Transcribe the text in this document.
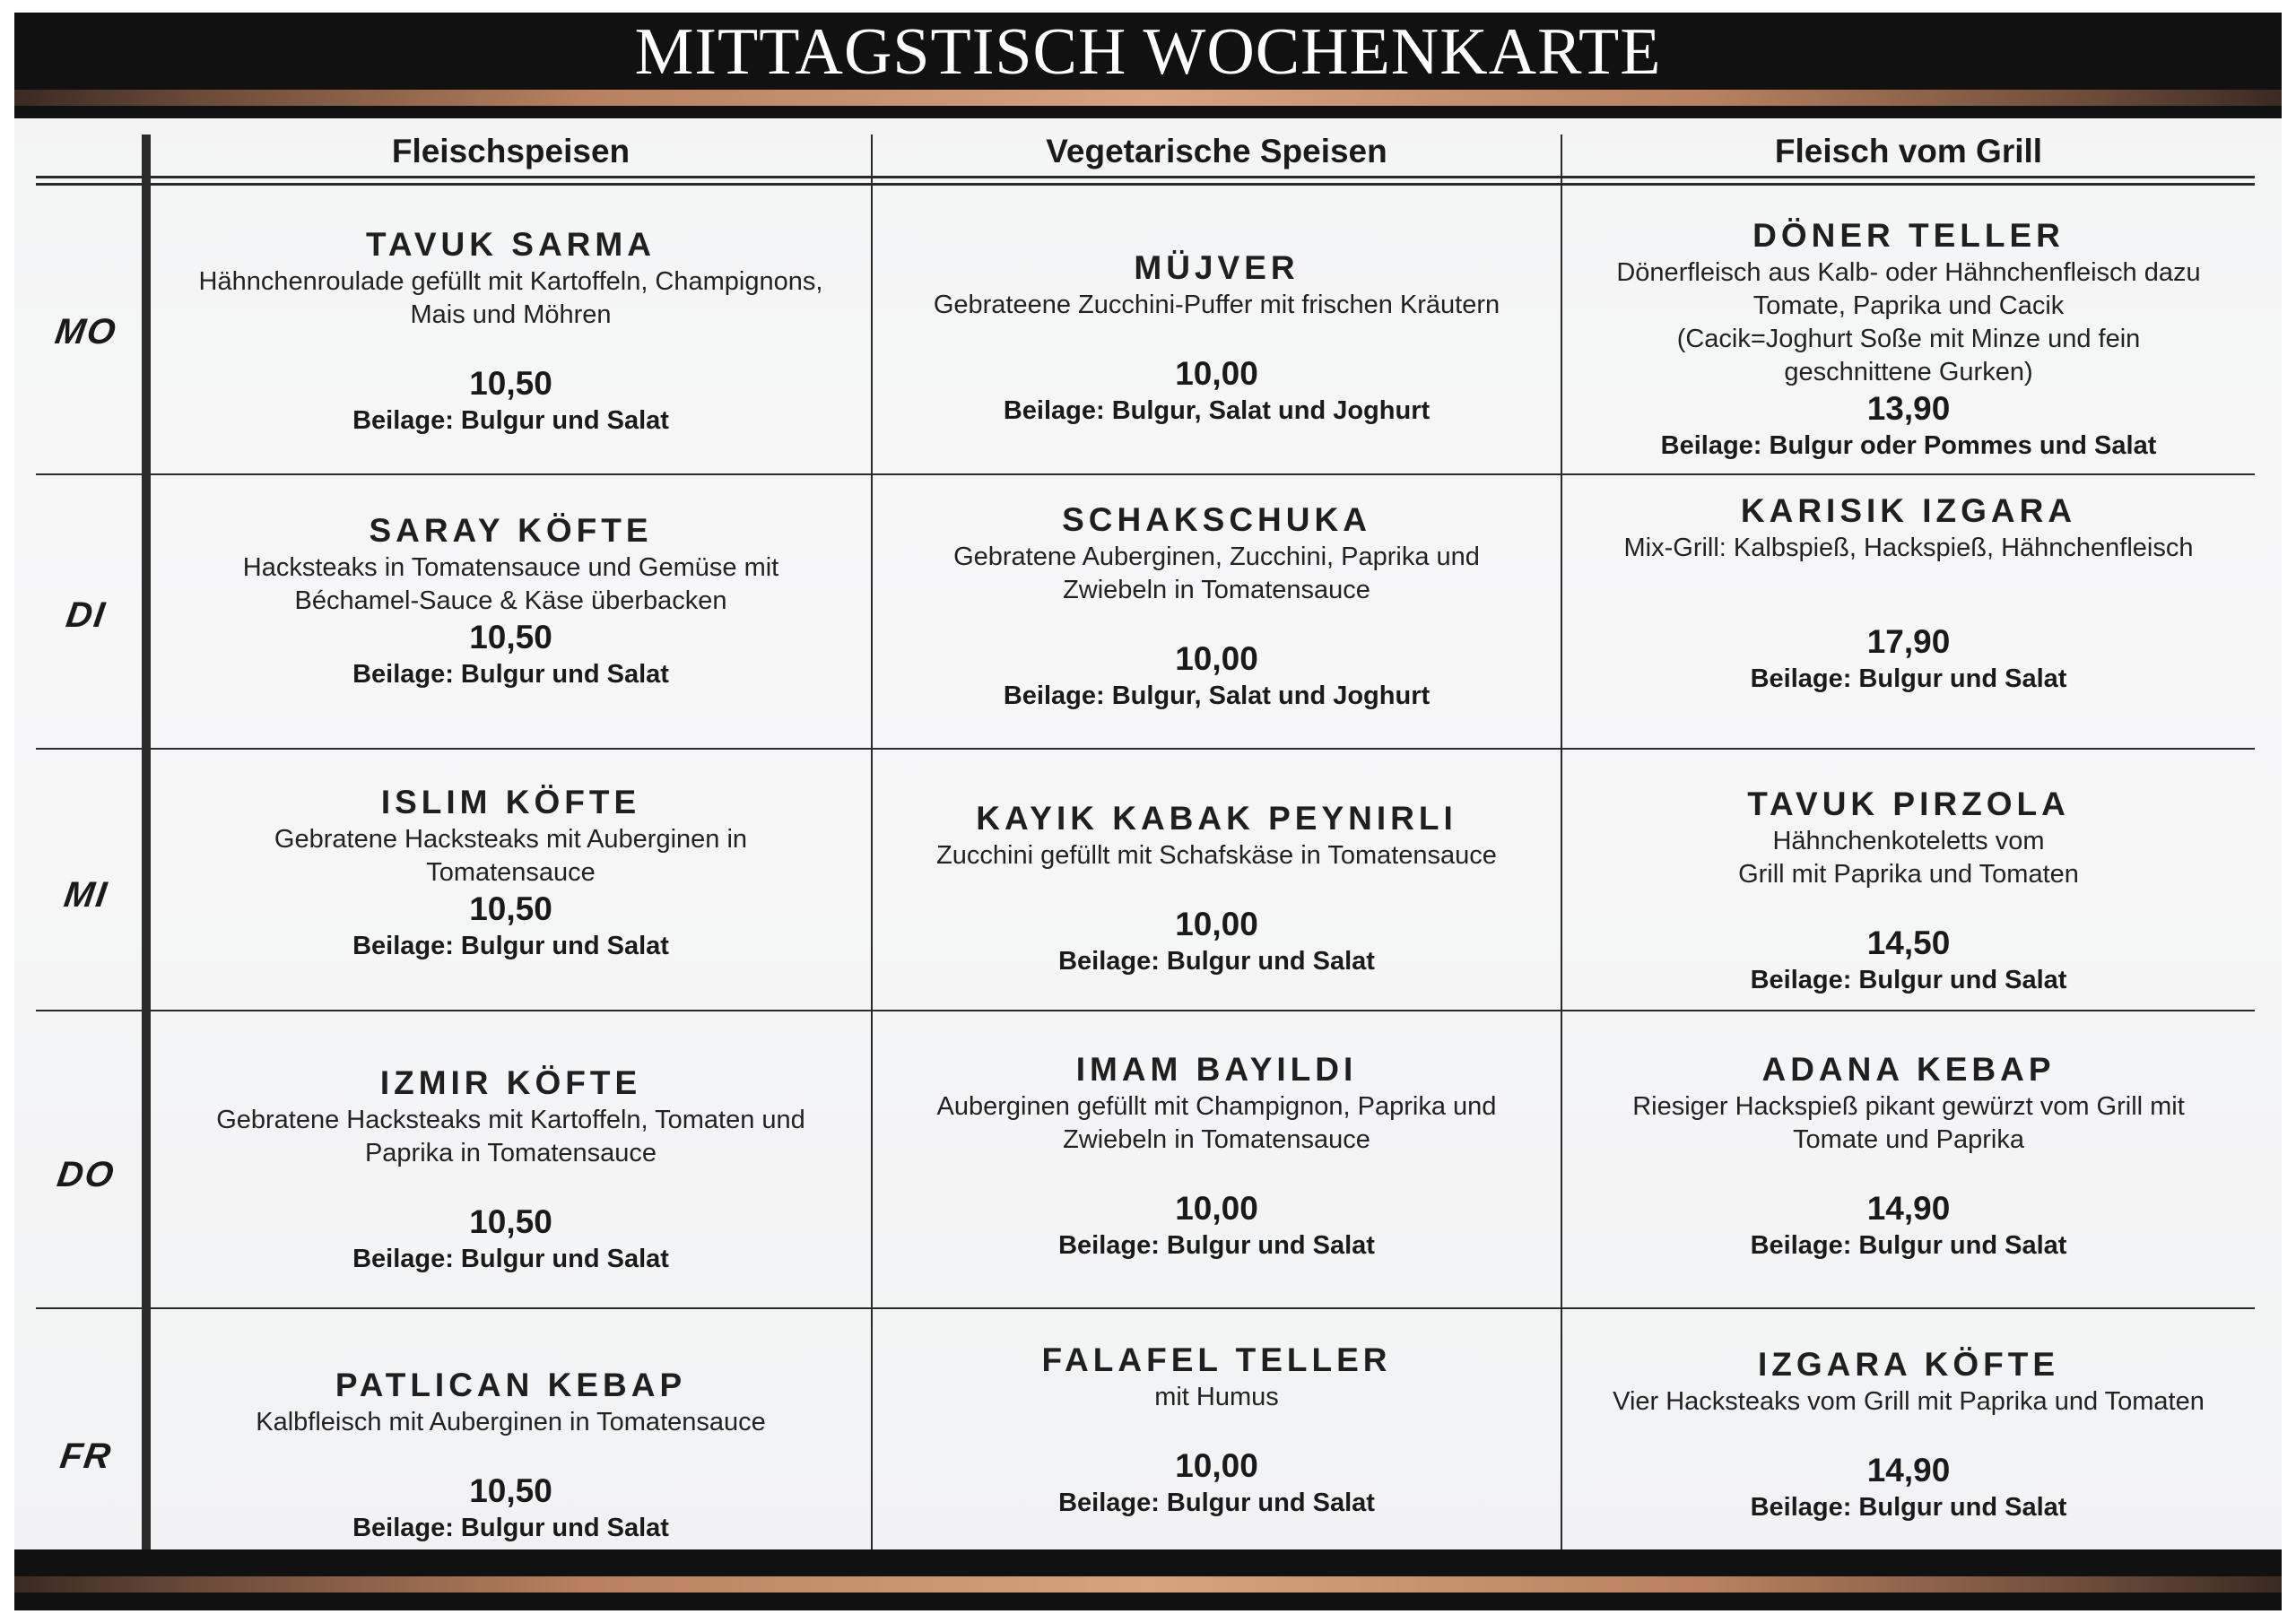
MITTAGSTISCH WOCHENKARTE
Fleischspeisen	Vegetarische Speisen	Fleisch vom Grill
MO
DI
MI
DO
FR
TAVUK SARMA
Hähnchenroulade gefüllt mit Kartoffeln, Champignons,
Mais und Möhren
10,50
Beilage: Bulgur und Salat
MÜJVER
Gebrateene Zucchini-Puffer mit frischen Kräutern
10,00
Beilage: Bulgur, Salat und Joghurt
DÖNER TELLER
Dönerfleisch aus Kalb- oder Hähnchenfleisch dazu
Tomate, Paprika und Cacik
(Cacik=Joghurt Soße mit Minze und fein
geschnittene Gurken)
13,90
Beilage: Bulgur oder Pommes und Salat
SARAY KÖFTE
Hacksteaks in Tomatensauce und Gemüse mit
Béchamel-Sauce & Käse überbacken
10,50
Beilage: Bulgur und Salat
SCHAKSCHUKA
Gebratene Auberginen, Zucchini, Paprika und
Zwiebeln in Tomatensauce
10,00
Beilage: Bulgur, Salat und Joghurt
KARISIK IZGARA
Mix-Grill: Kalbspieß, Hackspieß, Hähnchenfleisch
17,90
Beilage: Bulgur und Salat
ISLIM KÖFTE
Gebratene Hacksteaks mit Auberginen in
Tomatensauce
10,50
Beilage: Bulgur und Salat
KAYIK KABAK PEYNIRLI
Zucchini gefüllt mit Schafskäse in Tomatensauce
10,00
Beilage: Bulgur und Salat
TAVUK PIRZOLA
Hähnchenkoteletts vom
Grill mit Paprika und Tomaten
14,50
Beilage: Bulgur und Salat
IZMIR KÖFTE
Gebratene Hacksteaks mit Kartoffeln, Tomaten und
Paprika in Tomatensauce
10,50
Beilage: Bulgur und Salat
IMAM BAYILDI
Auberginen gefüllt mit Champignon, Paprika und
Zwiebeln in Tomatensauce
10,00
Beilage: Bulgur und Salat
ADANA KEBAP
Riesiger Hackspieß pikant gewürzt vom Grill mit
Tomate und Paprika
14,90
Beilage: Bulgur und Salat
PATLICAN KEBAP
Kalbfleisch mit Auberginen in Tomatensauce
10,50
Beilage: Bulgur und Salat
FALAFEL TELLER
mit Humus
10,00
Beilage: Bulgur und Salat
IZGARA KÖFTE
Vier Hacksteaks vom Grill mit Paprika und Tomaten
14,90
Beilage: Bulgur und Salat
